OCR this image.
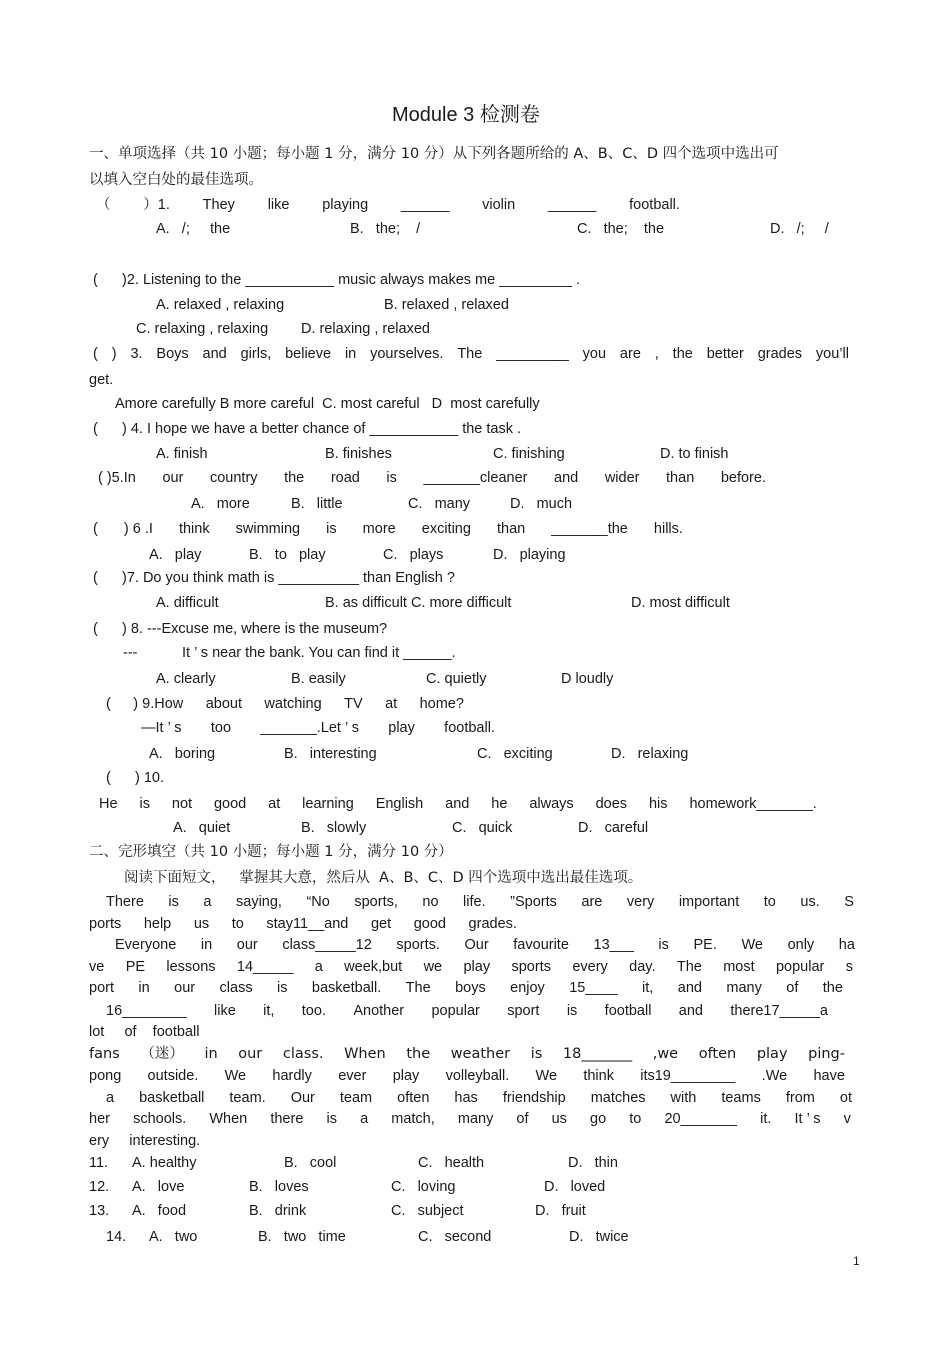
Module 3 检测卷
一、单项选择（共 10 小题；每小题 1 分，满分 10 分）从下列各题所给的 A、B、C、D 四个选项中选出可
以填入空白处的最佳选项。
（ ）1. They like playing ______ violin ______ football.
A.   /;     the	B.   the;    /	C.   the;    the	D.   /;     /
(      )2. Listening to the ___________ music always makes me _________ .
A. relaxed , relaxing	B. relaxed , relaxed
C. relaxing , relaxing D. relaxing , relaxed
( ) 3. Boys and girls, believe in yourselves. The _________ you are , the better grades you’ll
get.
Amore carefully B more careful  C. most careful   D  most carefully
(      ) 4. I hope we have a better chance of ___________ the task .
A. finish	B. finishes	C. finishing	D. to finish
( )5.In our country the road is _______cleaner and wider than before.
A.   more	B.   little	C.   many	D.   much
( ) 6 .I think swimming is more exciting than _______the hills.
A.   play	B.   to   play	C.   plays	D.   playing
(      )7. Do you think math is __________ than English ?
A. difficult	B. as difficult C. more difficult	D. most difficult
(      ) 8. ---Excuse me, where is the museum?
---	It ’ s near the bank. You can find it ______.
A. clearly	B. easily	C. quietly	D loudly
( ) 9.How about watching TV at home?
—It ’ s too _______.Let ’ s play football.
A.   boring	B.   interesting	C.   exciting	D.   relaxing
(      ) 10.
He is not good at learning English and he always does his homework_______.
A.   quiet	B.   slowly	C.   quick	D.   careful
二、完形填空（共 10 小题；每小题 1 分，满分 10 分）
阅读下面短文，   掌握其大意，然后从  A、B、C、D 四个选项中选出最佳选项。
There is a saying, “No sports, no life. ”Sports are very important to us. S
ports help us to stay11__and get good grades.
Everyone in our class_____12 sports. Our favourite 13___ is PE. We only ha
ve PE lessons 14_____ a week,but we play sports every day. The most popular s
port in our class is basketball. The boys enjoy 15____ it, and many of the
16________ like it, too. Another popular sport is football and there17_____a
lot     of    football
fans （迷） in our class. When the weather is 18_______ ,we often play ping-
pong outside. We hardly ever play volleyball. We think its19________ .We have
a basketball team. Our team often has friendship matches with teams from ot
her schools. When there is a match, many of us go to 20_______ it. It ’ s v
ery     interesting.
11. A. healthy	B.   cool	C.   health	D.   thin
12. A.   love	B.   loves	C.   loving	D.   loved
13. A.   food	B.   drink	C.   subject	D.   fruit
14. A.   two	B.   two   time	C.   second	D.   twice
1
